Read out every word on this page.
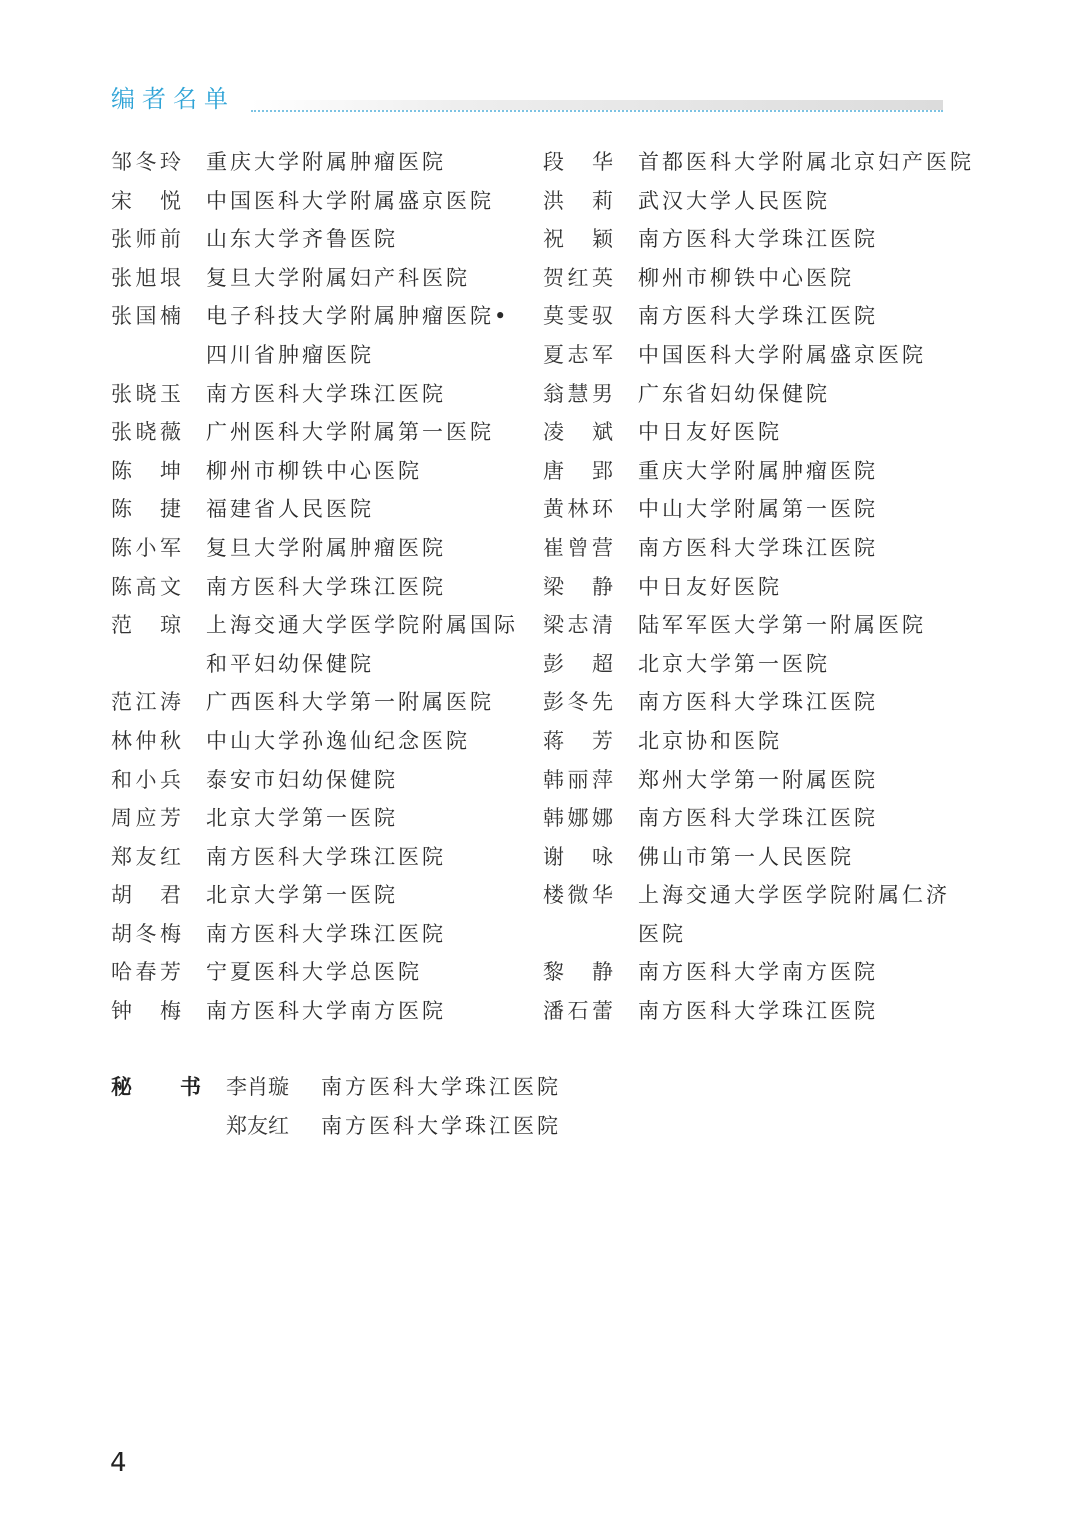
编者名单
邹冬玲 重庆大学附属肿瘤医院
宋　悦 中国医科大学附属盛京医院
张师前 山东大学齐鲁医院
张旭垠 复旦大学附属妇产科医院
张国楠 电子科技大学附属肿瘤医院•
四川省肿瘤医院
张晓玉 南方医科大学珠江医院
张晓薇 广州医科大学附属第一医院
陈　坤 柳州市柳铁中心医院
陈　捷 福建省人民医院
陈小军 复旦大学附属肿瘤医院
陈高文 南方医科大学珠江医院
范　琼 上海交通大学医学院附属国际
和平妇幼保健院
范江涛 广西医科大学第一附属医院
林仲秋 中山大学孙逸仙纪念医院
和小兵 泰安市妇幼保健院
周应芳 北京大学第一医院
郑友红 南方医科大学珠江医院
胡　君 北京大学第一医院
胡冬梅 南方医科大学珠江医院
哈春芳 宁夏医科大学总医院
钟　梅 南方医科大学南方医院
段　华 首都医科大学附属北京妇产医院
洪　莉 武汉大学人民医院
祝　颖 南方医科大学珠江医院
贺红英 柳州市柳铁中心医院
莫雯驭 南方医科大学珠江医院
夏志军 中国医科大学附属盛京医院
翁慧男 广东省妇幼保健院
凌　斌 中日友好医院
唐　郢 重庆大学附属肿瘤医院
黄林环 中山大学附属第一医院
崔曾营 南方医科大学珠江医院
梁　静 中日友好医院
梁志清 陆军军医大学第一附属医院
彭　超 北京大学第一医院
彭冬先 南方医科大学珠江医院
蒋　芳 北京协和医院
韩丽萍 郑州大学第一附属医院
韩娜娜 南方医科大学珠江医院
谢　咏 佛山市第一人民医院
楼微华 上海交通大学医学院附属仁济
医院
黎　静 南方医科大学南方医院
潘石蕾 南方医科大学珠江医院
秘　书 李肖璇	南方医科大学珠江医院
郑友红	南方医科大学珠江医院
4
